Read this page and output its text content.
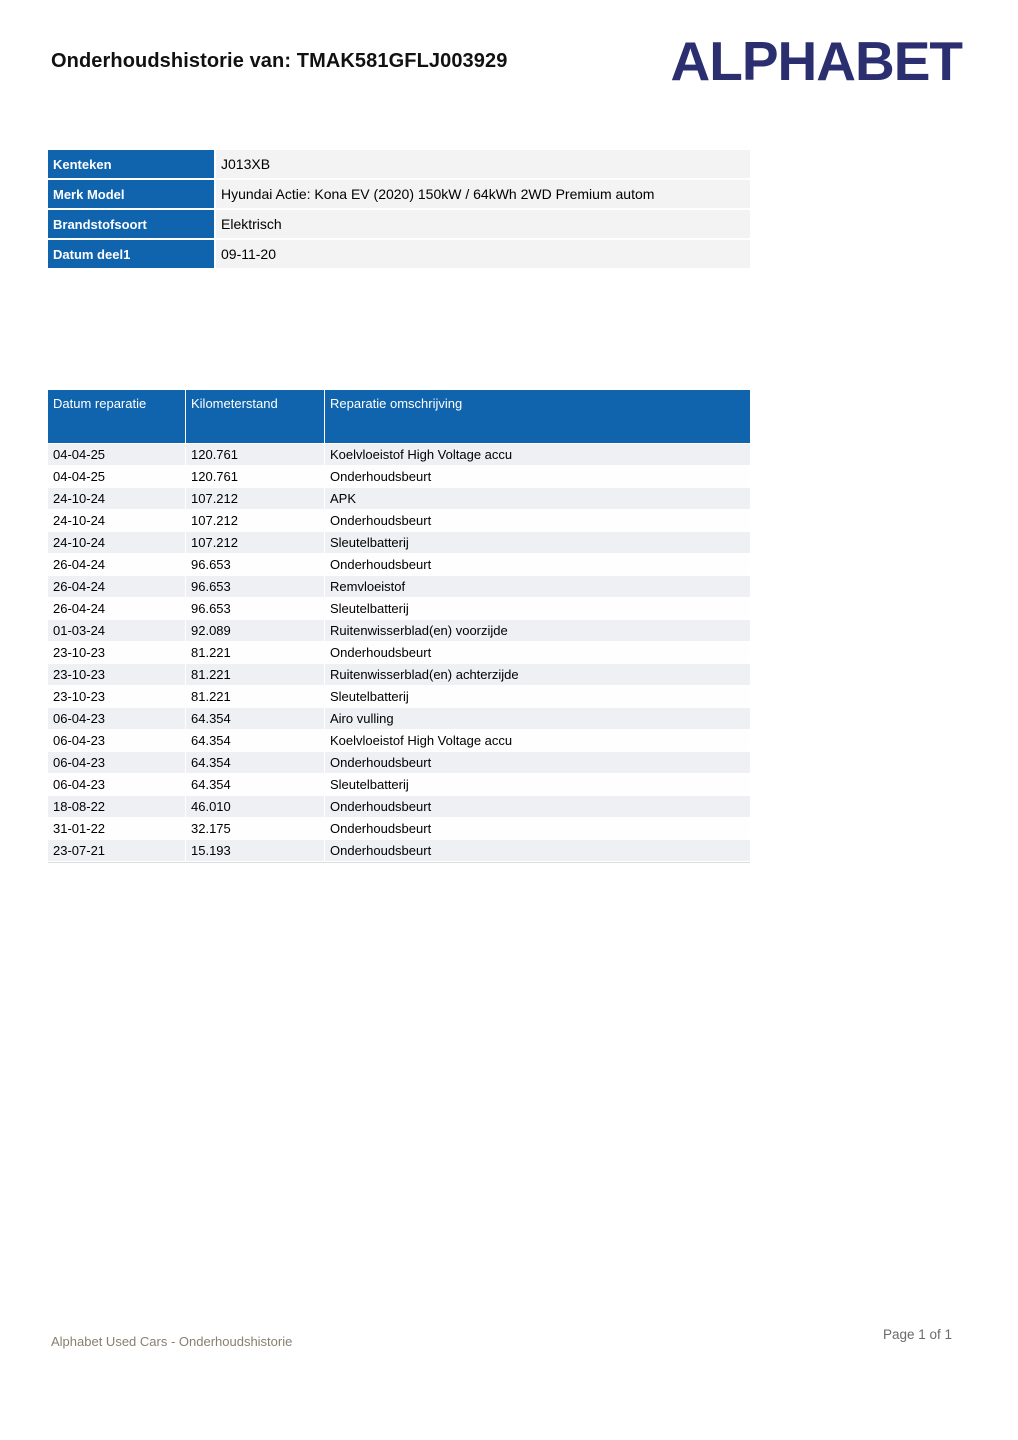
Onderhoudshistorie van: TMAK581GFLJ003929	ALPHABET
Kenteken	J013XB
Merk Model	Hyundai Actie: Kona EV (2020) 150kW / 64kWh 2WD Premium autom
Brandstofsoort	Elektrisch
Datum deel1	09-11-20
Datum reparatie	Kilometerstand	Reparatie omschrijving
04-04-25	120.761	Koelvloeistof High Voltage accu
04-04-25	120.761	Onderhoudsbeurt
24-10-24	107.212	APK
24-10-24	107.212	Onderhoudsbeurt
24-10-24	107.212	Sleutelbatterij
26-04-24	96.653	Onderhoudsbeurt
26-04-24	96.653	Remvloeistof
26-04-24	96.653	Sleutelbatterij
01-03-24	92.089	Ruitenwisserblad(en) voorzijde
23-10-23	81.221	Onderhoudsbeurt
23-10-23	81.221	Ruitenwisserblad(en) achterzijde
23-10-23	81.221	Sleutelbatterij
06-04-23	64.354	Airo vulling
06-04-23	64.354	Koelvloeistof High Voltage accu
06-04-23	64.354	Onderhoudsbeurt
06-04-23	64.354	Sleutelbatterij
18-08-22	46.010	Onderhoudsbeurt
31-01-22	32.175	Onderhoudsbeurt
23-07-21	15.193	Onderhoudsbeurt
Alphabet Used Cars - Onderhoudshistorie	Page 1 of 1
